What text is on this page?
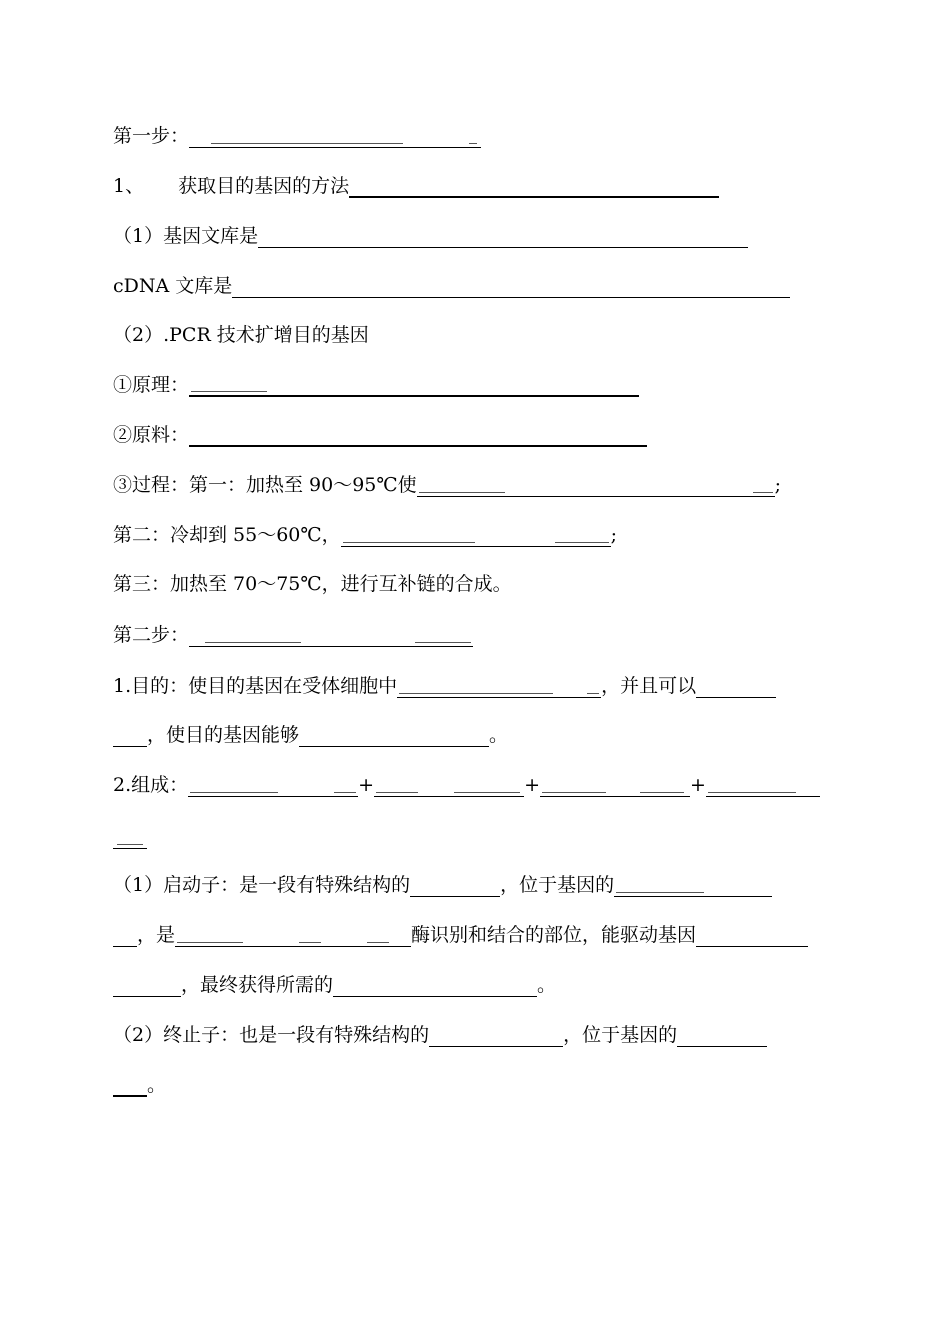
第一步：
1、 获取目的基因的方法
（1）基因文库是
cDNA 文库是
（2）.PCR 技术扩增目的基因
①原理：
②原料：
③过程：第一：加热至 90～95℃使	;
第二：冷却到 55～60℃，	;
第三：加热至 70～75℃，进行互补链的合成。
第二步：
1.目的：使目的基因在受体细胞中	，并且可以
，使目的基因能够	。
2.组成：	+	+	+
（1）启动子：是一段有特殊结构的	，位于基因的
，是	酶识别和结合的部位，能驱动基因
，最终获得所需的	。
（2）终止子：也是一段有特殊结构的	，位于基因的
。
